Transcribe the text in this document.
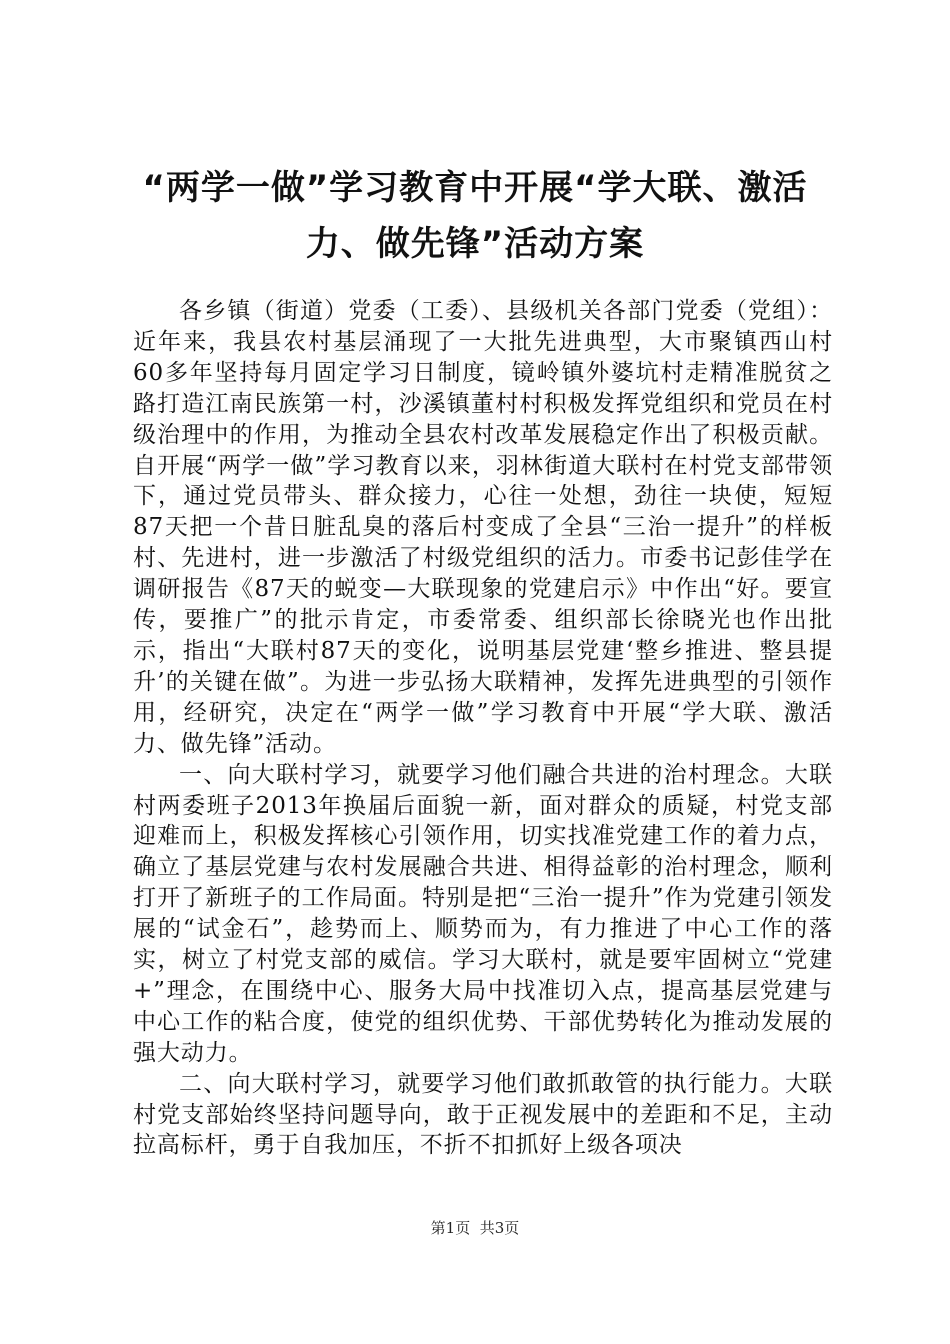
“两学一做”学习教育中开展“学大联、激活力、做先锋”活动方案

各乡镇（街道）党委（工委）、县级机关各部门党委（党组）：近年来，我县农村基层涌现了一大批先进典型，大市聚镇西山村60多年坚持每月固定学习日制度，镜岭镇外婆坑村走精准脱贫之路打造江南民族第一村，沙溪镇董村村积极发挥党组织和党员在村级治理中的作用，为推动全县农村改革发展稳定作出了积极贡献。自开展“两学一做”学习教育以来，羽林街道大联村在村党支部带领下，通过党员带头、群众接力，心往一处想，劲往一块使，短短87天把一个昔日脏乱臭的落后村变成了全县“三治一提升”的样板村、先进村，进一步激活了村级党组织的活力。市委书记彭佳学在调研报告《87天的蜕变—大联现象的党建启示》中作出“好。要宣传，要推广”的批示肯定，市委常委、组织部长徐晓光也作出批示，指出“大联村87天的变化，说明基层党建‘整乡推进、整县提升’的关键在做”。为进一步弘扬大联精神，发挥先进典型的引领作用，经研究，决定在“两学一做”学习教育中开展“学大联、激活力、做先锋”活动。

一、向大联村学习，就要学习他们融合共进的治村理念。大联村两委班子2013年换届后面貌一新，面对群众的质疑，村党支部迎难而上，积极发挥核心引领作用，切实找准党建工作的着力点，确立了基层党建与农村发展融合共进、相得益彰的治村理念，顺利打开了新班子的工作局面。特别是把“三治一提升”作为党建引领发展的“试金石”，趁势而上、顺势而为，有力推进了中心工作的落实，树立了村党支部的威信。学习大联村，就是要牢固树立“党建+”理念，在围绕中心、服务大局中找准切入点，提高基层党建与中心工作的粘合度，使党的组织优势、干部优势转化为推动发展的强大动力。

二、向大联村学习，就要学习他们敢抓敢管的执行能力。大联村党支部始终坚持问题导向，敢于正视发展中的差距和不足，主动拉高标杆，勇于自我加压，不折不扣抓好上级各项决

第1页 共3页
